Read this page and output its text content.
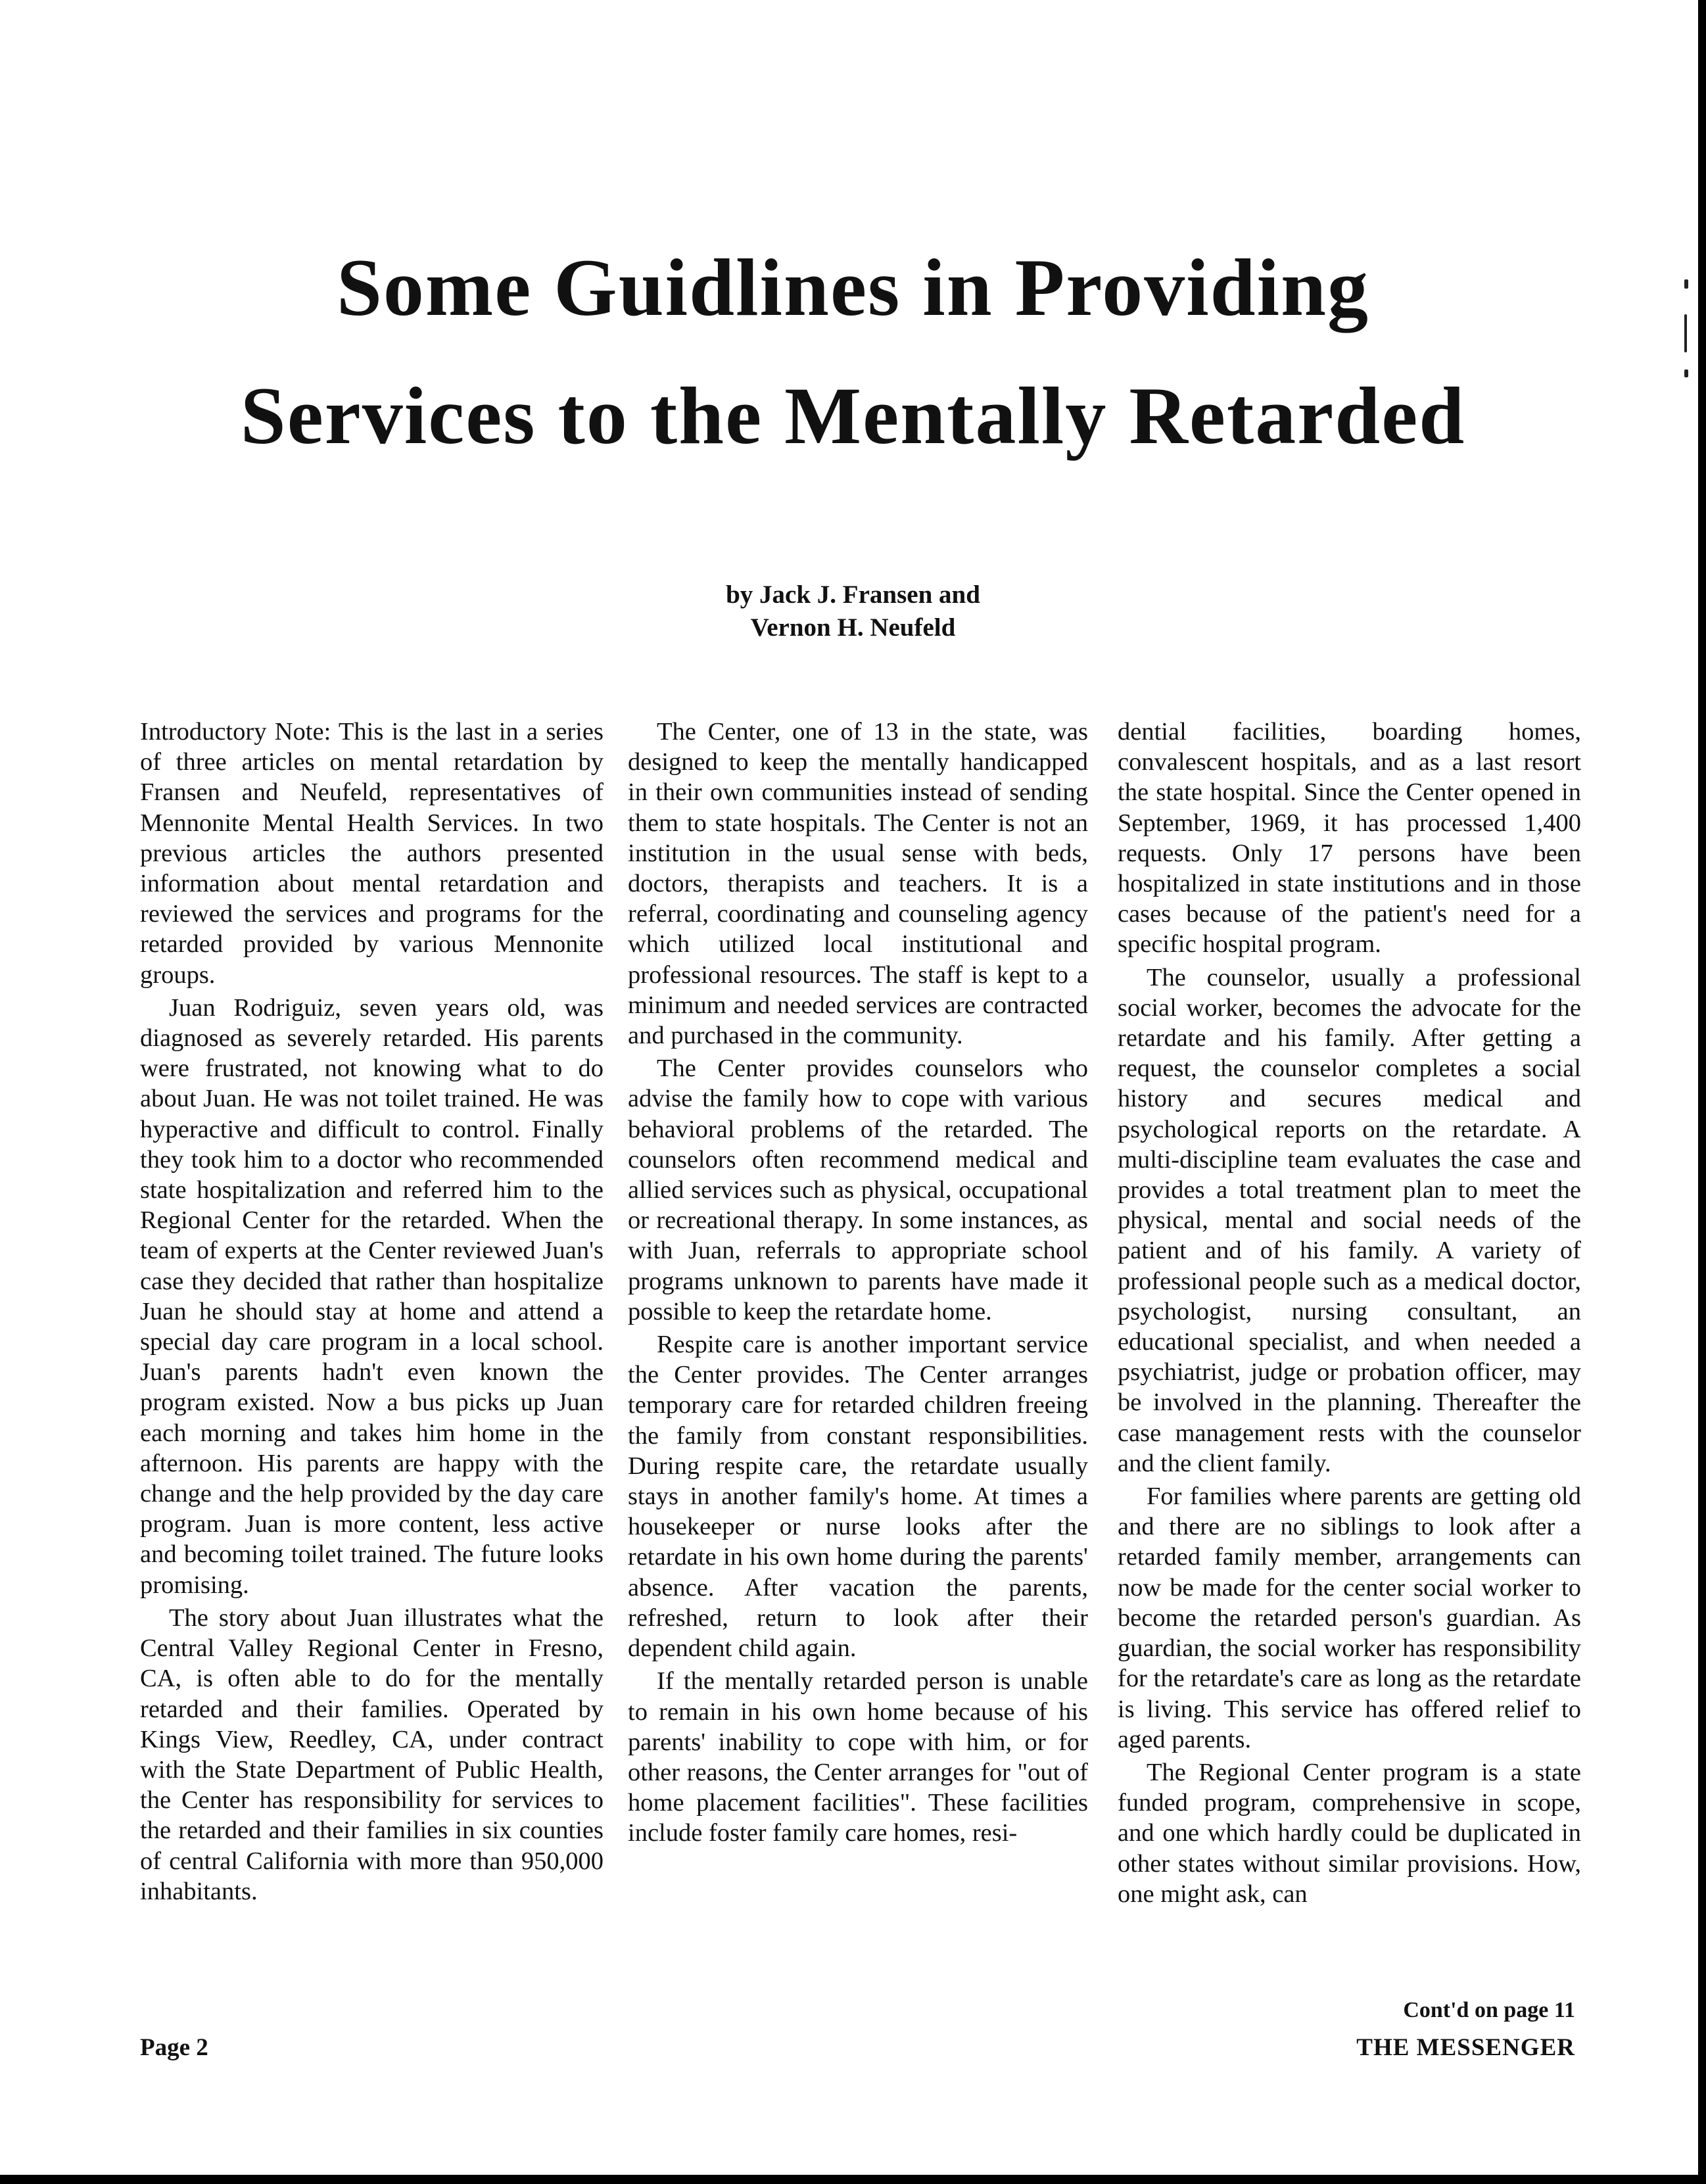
Some Guidlines in Providing
Services to the Mentally Retarded
by Jack J. Fransen and
Vernon H. Neufeld

Introductory Note: This is the last in a series of three articles on mental retardation by Fransen and Neufeld, representatives of Mennonite Mental Health Services. In two previous articles the authors presented information about mental retardation and reviewed the services and programs for the retarded provided by various Mennonite groups.

Juan Rodriguiz, seven years old, was diagnosed as severely retarded. His parents were frustrated, not knowing what to do about Juan. He was not toilet trained. He was hyperactive and difficult to control. Finally they took him to a doctor who recommended state hospitalization and referred him to the Regional Center for the retarded. When the team of experts at the Center reviewed Juan's case they decided that rather than hospitalize Juan he should stay at home and attend a special day care program in a local school. Juan's parents hadn't even known the program existed. Now a bus picks up Juan each morning and takes him home in the afternoon. His parents are happy with the change and the help provided by the day care program. Juan is more content, less active and becoming toilet trained. The future looks promising.

The story about Juan illustrates what the Central Valley Regional Center in Fresno, CA, is often able to do for the mentally retarded and their families. Operated by Kings View, Reedley, CA, under contract with the State Department of Public Health, the Center has responsibility for services to the retarded and their families in six counties of central California with more than 950,000 inhabitants.

The Center, one of 13 in the state, was designed to keep the mentally handicapped in their own communities instead of sending them to state hospitals. The Center is not an institution in the usual sense with beds, doctors, therapists and teachers. It is a referral, coordinating and counseling agency which utilized local institutional and professional resources. The staff is kept to a minimum and needed services are contracted and purchased in the community.

The Center provides counselors who advise the family how to cope with various behavioral problems of the retarded. The counselors often recommend medical and allied services such as physical, occupational or recreational therapy. In some instances, as with Juan, referrals to appropriate school programs unknown to parents have made it possible to keep the retardate home.

Respite care is another important service the Center provides. The Center arranges temporary care for retarded children freeing the family from constant responsibilities. During respite care, the retardate usually stays in another family's home. At times a housekeeper or nurse looks after the retardate in his own home during the parents' absence. After vacation the parents, refreshed, return to look after their dependent child again.

If the mentally retarded person is unable to remain in his own home because of his parents' inability to cope with him, or for other reasons, the Center arranges for "out of home placement facilities". These facilities include foster family care homes, resi-

dential facilities, boarding homes, convalescent hospitals, and as a last resort the state hospital. Since the Center opened in September, 1969, it has processed 1,400 requests. Only 17 persons have been hospitalized in state institutions and in those cases because of the patient's need for a specific hospital program.

The counselor, usually a professional social worker, becomes the advocate for the retardate and his family. After getting a request, the counselor completes a social history and secures medical and psychological reports on the retardate. A multi-discipline team evaluates the case and provides a total treatment plan to meet the physical, mental and social needs of the patient and of his family. A variety of professional people such as a medical doctor, psychologist, nursing consultant, an educational specialist, and when needed a psychiatrist, judge or probation officer, may be involved in the planning. Thereafter the case management rests with the counselor and the client family.

For families where parents are getting old and there are no siblings to look after a retarded family member, arrangements can now be made for the center social worker to become the retarded person's guardian. As guardian, the social worker has responsibility for the retardate's care as long as the retardate is living. This service has offered relief to aged parents.

The Regional Center program is a state funded program, comprehensive in scope, and one which hardly could be duplicated in other states without similar provisions. How, one might ask, can

Cont'd on page 11
Page 2	THE MESSENGER
